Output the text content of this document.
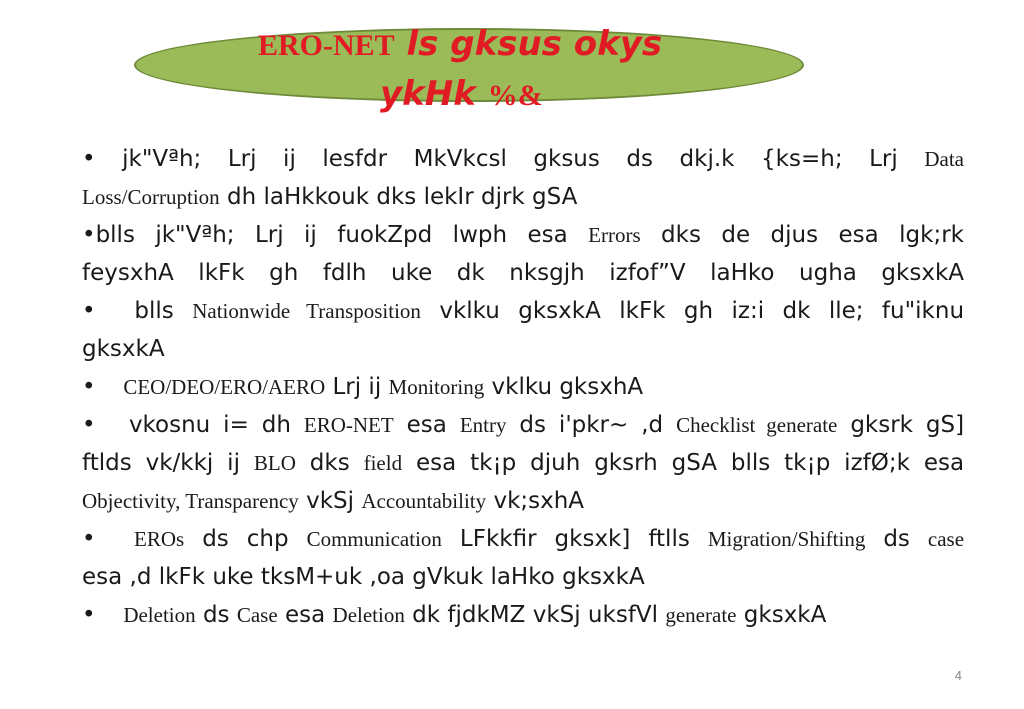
ERO-NET ls gksus okys
ykHk %&
• jk"Vªh; Lrj ij lesfdr MkVkcsl gksus ds dkj.k {ks=h; Lrj Data
Loss/Corruption dh laHkkouk dks lekIr djrk gSA
•blls jk"Vªh; Lrj ij fuokZpd lwph esa Errors dks de djus esa lgk;rk
feysxhA lkFk gh fdlh uke dk nksgjh izfof”V laHko ugha gksxkA
• blls Nationwide Transposition vklku gksxkA lkFk gh iz:i dk lle; fu"iknu
gksxkA
• CEO/DEO/ERO/AERO Lrj ij Monitoring vklku gksxhA
• vkosnu i= dh ERO-NET esa Entry ds i'pkr~ ,d Checklist generate gksrk gS]
ftlds vk/kkj ij BLO dks field esa tk¡p djuh gksrh gSA blls tk¡p izfØ;k esa
Objectivity, Transparency vkSj Accountability vk;sxhA
• EROs ds chp Communication LFkkfir gksxk] ftlls Migration/Shifting ds case
esa ,d lkFk uke tksM+uk ,oa gVkuk laHko gksxkA
• Deletion ds Case esa Deletion dk fjdkMZ vkSj uksfVl generate gksxkA
4
